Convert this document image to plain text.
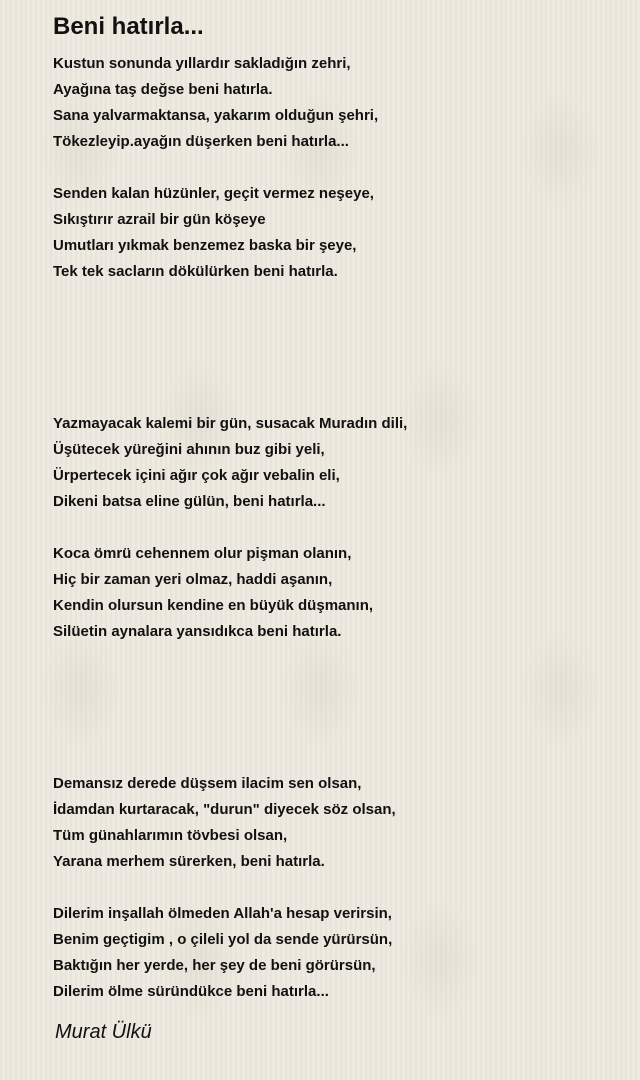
Beni hatırla...
Kustun sonunda yıllardır sakladığın zehri,
Ayağına taş değse beni hatırla.
Sana yalvarmaktansa, yakarım olduğun şehri,
Tökezleyip.ayağın düşerken beni hatırla...
Senden kalan hüzünler, geçit vermez neşeye,
Sıkıştırır azrail bir gün köşeye
Umutları yıkmak benzemez baska bir şeye,
Tek tek sacların dökülürken beni hatırla.
Yazmayacak kalemi bir gün, susacak Muradın dili,
Üşütecek yüreğini ahının buz gibi yeli,
Ürpertecek içini ağır çok ağır vebalin eli,
Dikeni batsa eline gülün, beni hatırla...
Koca ömrü cehennem olur pişman olanın,
Hiç bir zaman yeri olmaz, haddi aşanın,
Kendin olursun kendine en büyük düşmanın,
Silüetin aynalara yansıdıkca beni hatırla.
Demansız derede düşsem ilacim sen olsan,
İdamdan kurtaracak, "durun" diyecek söz olsan,
Tüm günahlarımın tövbesi olsan,
Yarana merhem sürerken, beni hatırla.
Dilerim inşallah ölmeden Allah'a hesap verirsin,
Benim geçtigim , o çileli yol da sende yürürsün,
Baktığın her yerde, her şey de beni görürsün,
Dilerim ölme süründükce beni hatırla...

Murat Ülkü
